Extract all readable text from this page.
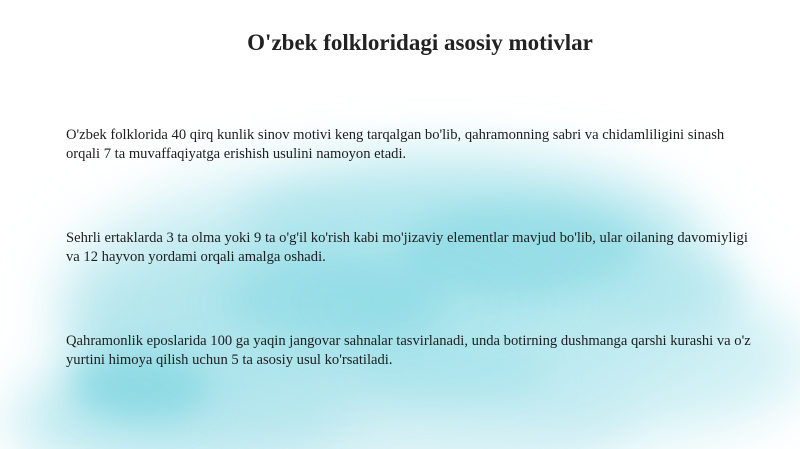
O'zbek folkloridagi asosiy motivlar

O'zbek folklorida 40 qirq kunlik sinov motivi keng tarqalgan bo'lib, qahramonning sabri va chidamliligini sinash orqali 7 ta muvaffaqiyatga erishish usulini namoyon etadi.

Sehrli ertaklarda 3 ta olma yoki 9 ta o'g'il ko'rish kabi mo'jizaviy elementlar mavjud bo'lib, ular oilaning davomiyligi va 12 hayvon yordami orqali amalga oshadi.

Qahramonlik eposlarida 100 ga yaqin jangovar sahnalar tasvirlanadi, unda botirning dushmanga qarshi kurashi va o'z yurtini himoya qilish uchun 5 ta asosiy usul ko'rsatiladi.
